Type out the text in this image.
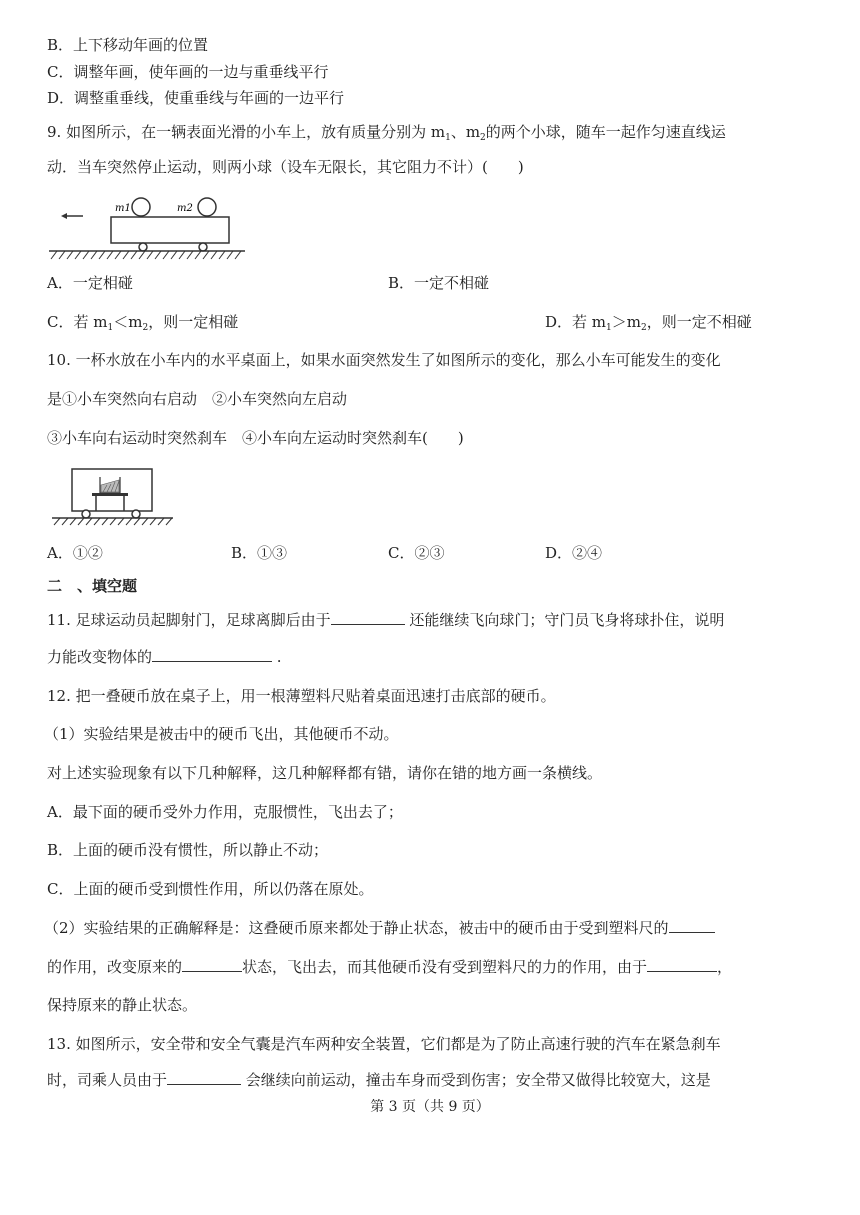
B．上下移动年画的位置
C．调整年画，使年画的一边与重垂线平行
D．调整重垂线，使重垂线与年画的一边平行
9. 如图所示，在一辆表面光滑的小车上，放有质量分别为 $m_1$、$m_2$的两个小球，随车一起作匀速直线运
动．当车突然停止运动，则两小球（设车无限长，其它阻力不计）(　　)
m1	m2
A．一定相碰	B．一定不相碰
C．若 $m_1<m_2$，则一定相碰	D．若 $m_1>m_2$，则一定不相碰
10. 一杯水放在小车内的水平桌面上，如果水面突然发生了如图所示的变化，那么小车可能发生的变化
是①小车突然向右启动　②小车突然向左启动
③小车向右运动时突然刹车　④小车向左运动时突然刹车(　　)
A．①②	B．①③	C．②③	D．②④
二　、填空题
11. 足球运动员起脚射门，足球离脚后由于	还能继续飞向球门；守门员飞身将球扑住，说明
力能改变物体的	.
12. 把一叠硬币放在桌子上，用一根薄塑料尺贴着桌面迅速打击底部的硬币。
（1）实验结果是被击中的硬币飞出，其他硬币不动。
对上述实验现象有以下几种解释，这几种解释都有错，请你在错的地方画一条横线。
A．最下面的硬币受外力作用，克服惯性，飞出去了；
B．上面的硬币没有惯性，所以静止不动；
C．上面的硬币受到惯性作用，所以仍落在原处。
（2）实验结果的正确解释是：这叠硬币原来都处于静止状态，被击中的硬币由于受到塑料尺的
的作用，改变原来的	状态，飞出去，而其他硬币没有受到塑料尺的力的作用，由于	，
保持原来的静止状态。
13. 如图所示，安全带和安全气囊是汽车两种安全装置，它们都是为了防止高速行驶的汽车在紧急刹车
时，司乘人员由于	会继续向前运动，撞击车身而受到伤害；安全带又做得比较宽大，这是
第 3 页（共 9 页）
